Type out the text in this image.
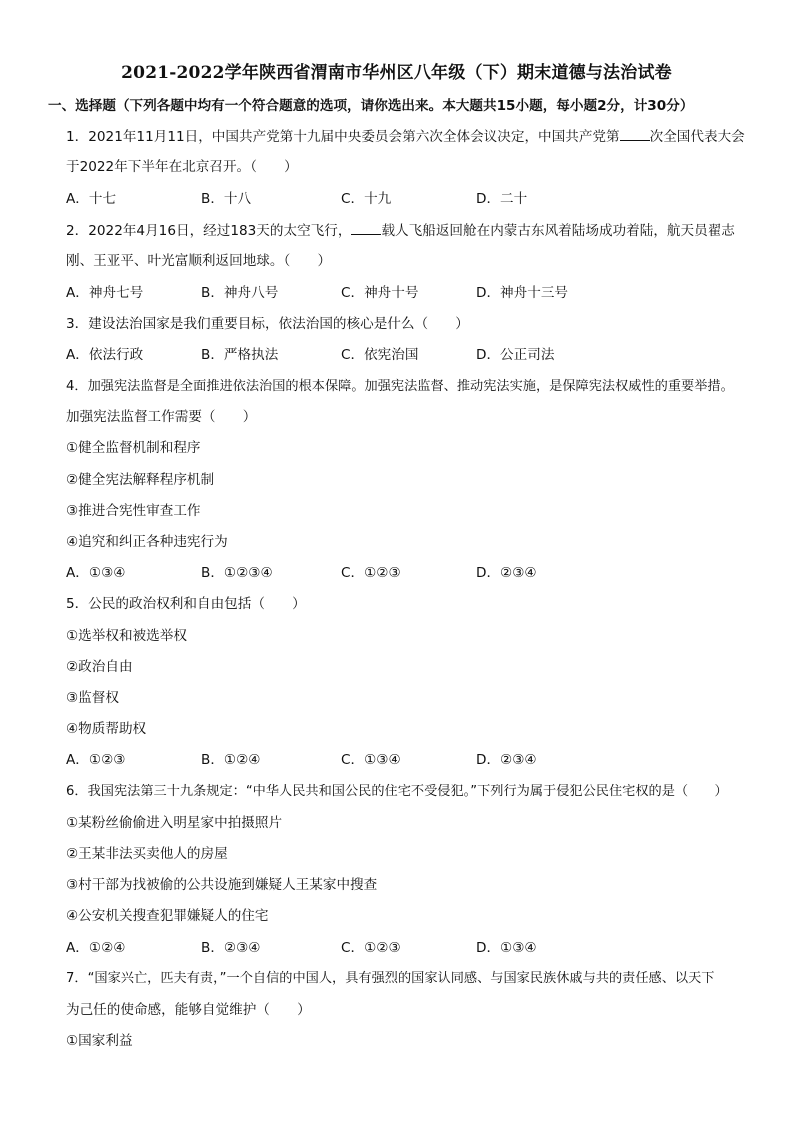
2021-2022学年陕西省渭南市华州区八年级（下）期末道德与法治试卷
一、选择题（下列各题中均有一个符合题意的选项，请你选出来。本大题共15小题，每小题2分，计30分）
1．2021年11月11日，中国共产党第十九届中央委员会第六次全体会议决定，中国共产党第 次全国代表大会
于2022年下半年在北京召开。（　　）
A．十七	B．十八	C．十九	D．二十
2．2022年4月16日，经过183天的太空飞行， 载人飞船返回舱在内蒙古东风着陆场成功着陆，航天员翟志
刚、王亚平、叶光富顺利返回地球。（　　）
A．神舟七号	B．神舟八号	C．神舟十号	D．神舟十三号
3．建设法治国家是我们重要目标，依法治国的核心是什么（　　）
A．依法行政	B．严格执法	C．依宪治国	D．公正司法
4．加强宪法监督是全面推进依法治国的根本保障。加强宪法监督、推动宪法实施，是保障宪法权威性的重要举措。
加强宪法监督工作需要（　　）
①健全监督机制和程序
②健全宪法解释程序机制
③推进合宪性审查工作
④追究和纠正各种违宪行为
A．①③④	B．①②③④	C．①②③	D．②③④
5．公民的政治权利和自由包括（　　）
①选举权和被选举权
②政治自由
③监督权
④物质帮助权
A．①②③	B．①②④	C．①③④	D．②③④
6．我国宪法第三十九条规定：“中华人民共和国公民的住宅不受侵犯。”下列行为属于侵犯公民住宅权的是（　　）
①某粉丝偷偷进入明星家中拍摄照片
②王某非法买卖他人的房屋
③村干部为找被偷的公共设施到嫌疑人王某家中搜查
④公安机关搜查犯罪嫌疑人的住宅
A．①②④	B．②③④	C．①②③	D．①③④
7．“国家兴亡，匹夫有责，”一个自信的中国人，具有强烈的国家认同感、与国家民族休戚与共的责任感、以天下
为己任的使命感，能够自觉维护（　　）
①国家利益
